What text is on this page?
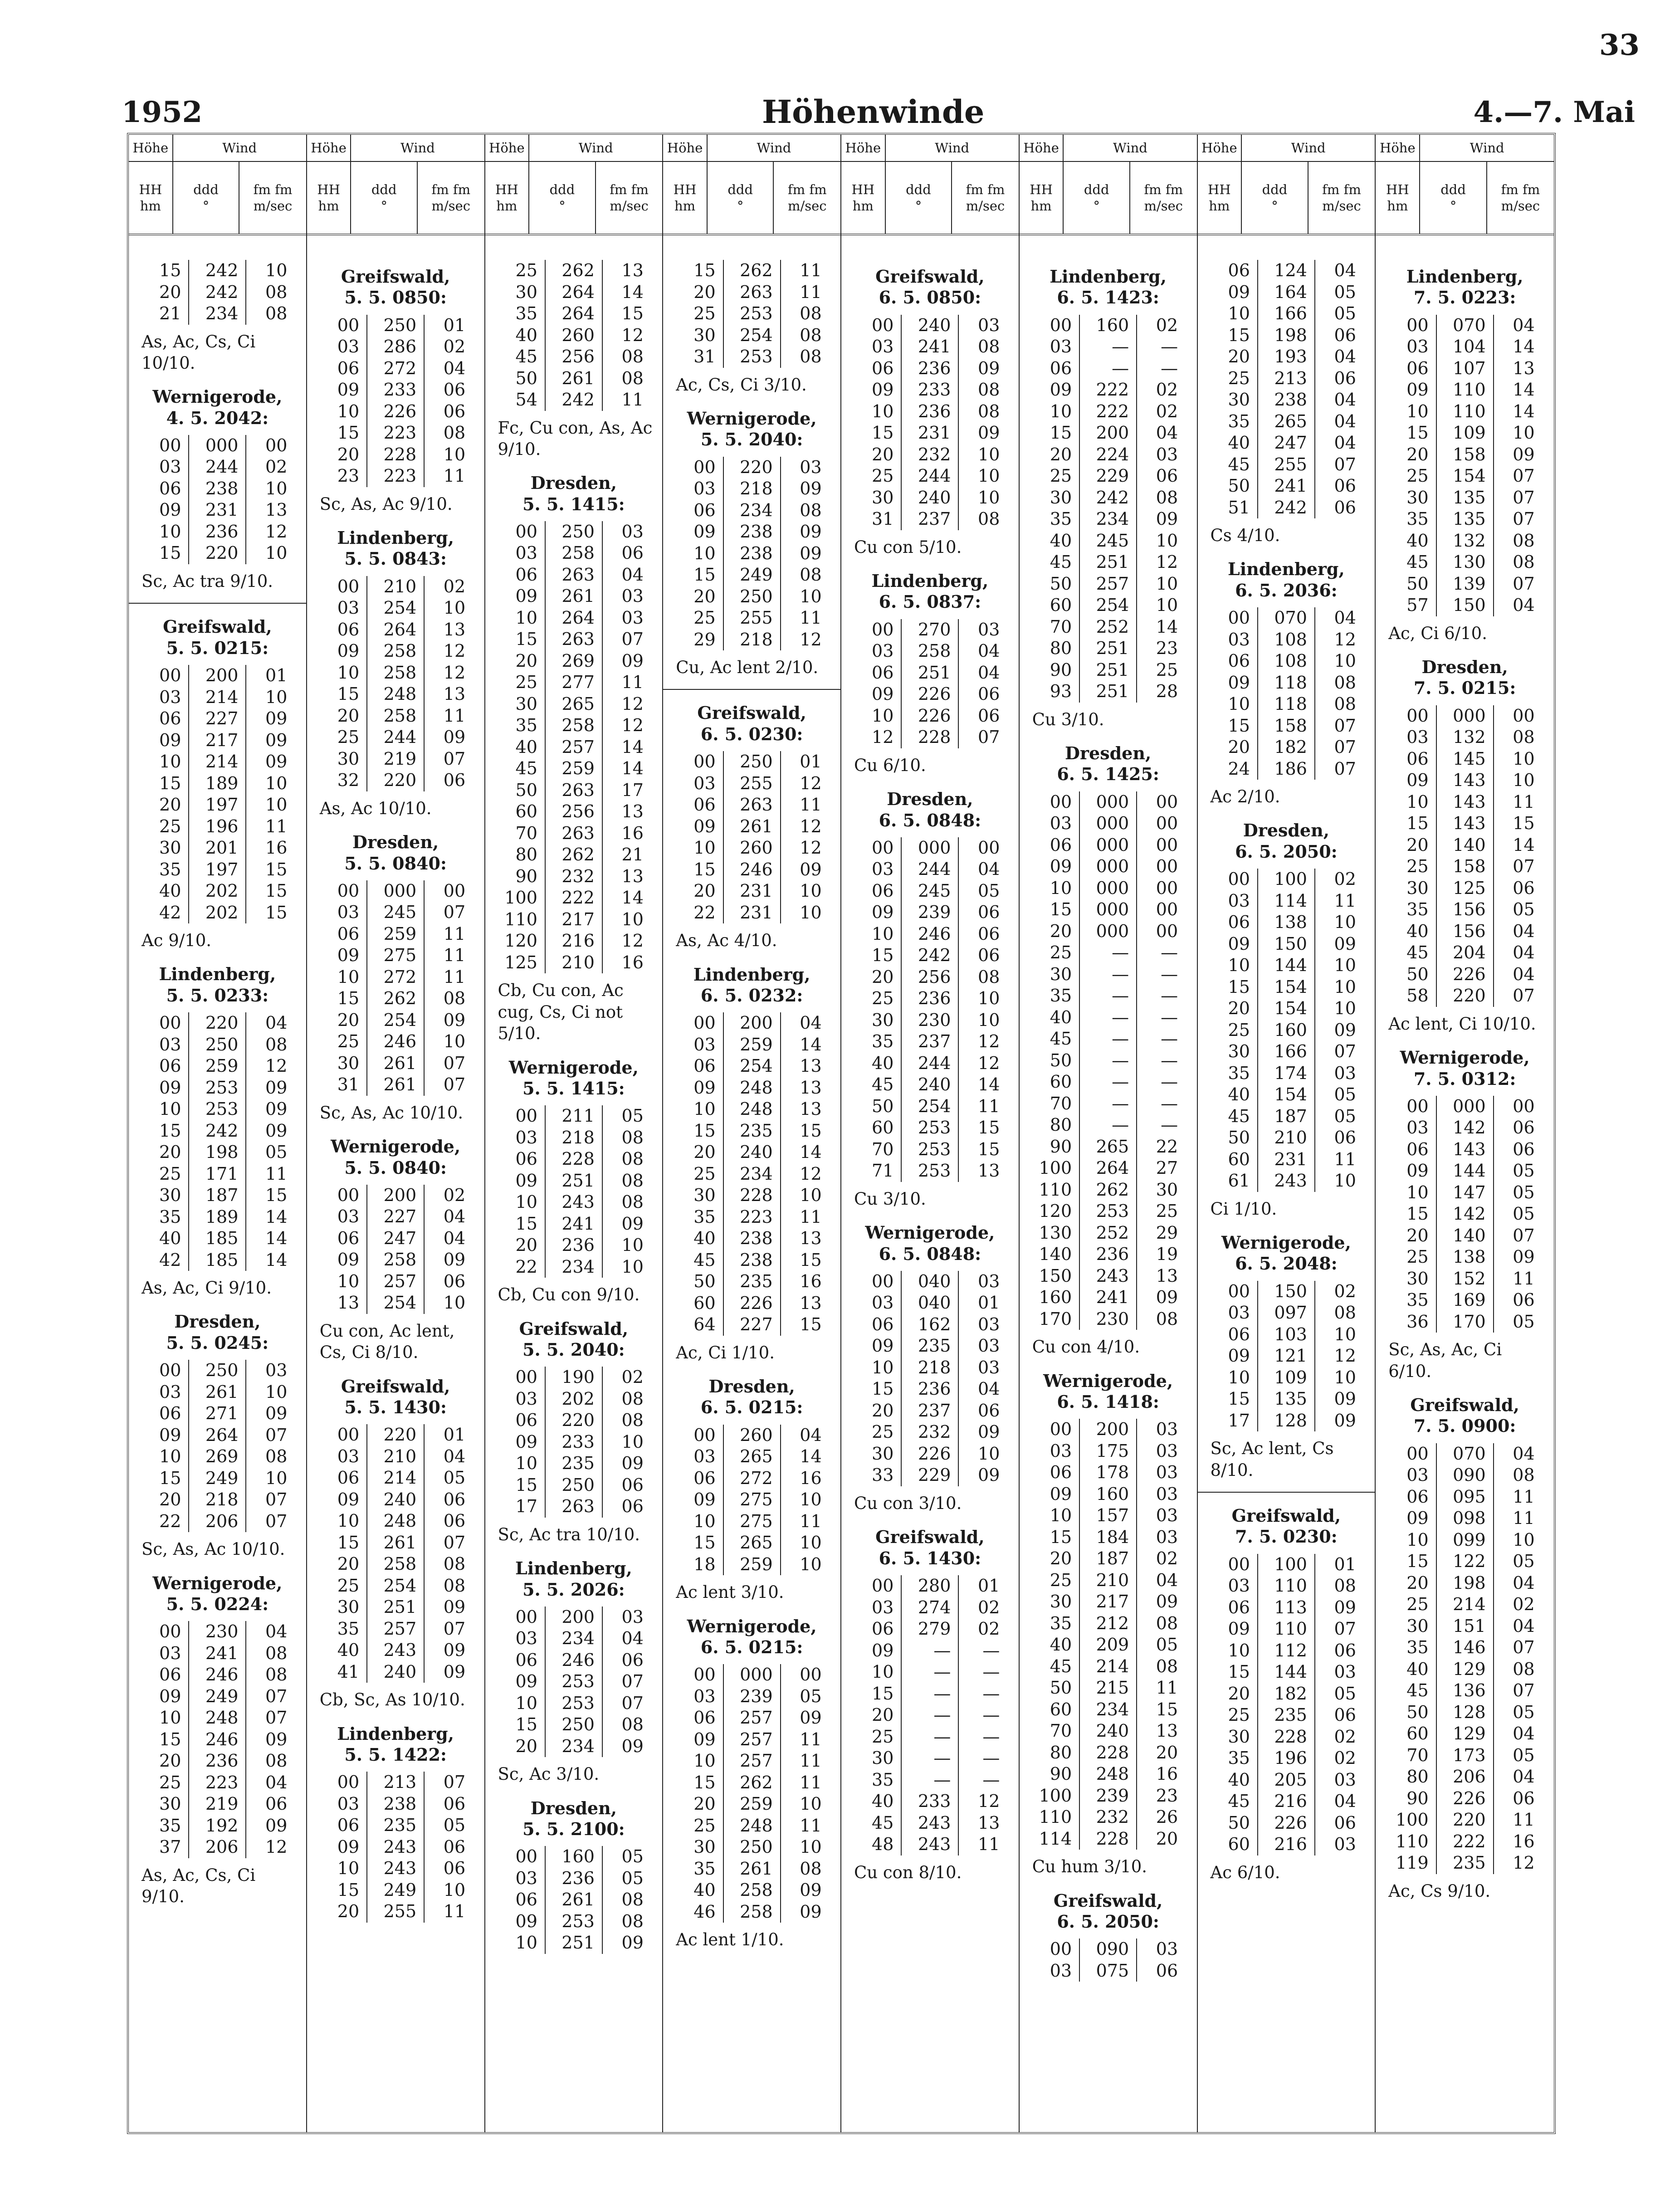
33
1952	Höhenwinde	4.—7. Mai
Höhe	Wind
HH
hm
ddd
°
fm fm
m/sec
15	242	10
20	242	08
21	234	08
As, Ac, Cs, Ci 10/10.
Wernigerode,
4. 5. 2042:
00	000	00
03	244	02
06	238	10
09	231	13
10	236	12
15	220	10
Sc, Ac tra 9/10.
Greifswald,
5. 5. 0215:
00	200	01
03	214	10
06	227	09
09	217	09
10	214	09
15	189	10
20	197	10
25	196	11
30	201	16
35	197	15
40	202	15
42	202	15
Ac 9/10.
Lindenberg,
5. 5. 0233:
00	220	04
03	250	08
06	259	12
09	253	09
10	253	09
15	242	09
20	198	05
25	171	11
30	187	15
35	189	14
40	185	14
42	185	14
As, Ac, Ci 9/10.
Dresden,
5. 5. 0245:
00	250	03
03	261	10
06	271	09
09	264	07
10	269	08
15	249	10
20	218	07
22	206	07
Sc, As, Ac 10/10.
Wernigerode,
5. 5. 0224:
00	230	04
03	241	08
06	246	08
09	249	07
10	248	07
15	246	09
20	236	08
25	223	04
30	219	06
35	192	09
37	206	12
As, Ac, Cs, Ci 9/10.
Höhe	Wind
HH
hm
ddd
°
fm fm
m/sec
Greifswald,
5. 5. 0850:
00	250	01
03	286	02
06	272	04
09	233	06
10	226	06
15	223	08
20	228	10
23	223	11
Sc, As, Ac 9/10.
Lindenberg,
5. 5. 0843:
00	210	02
03	254	10
06	264	13
09	258	12
10	258	12
15	248	13
20	258	11
25	244	09
30	219	07
32	220	06
As, Ac 10/10.
Dresden,
5. 5. 0840:
00	000	00
03	245	07
06	259	11
09	275	11
10	272	11
15	262	08
20	254	09
25	246	10
30	261	07
31	261	07
Sc, As, Ac 10/10.
Wernigerode,
5. 5. 0840:
00	200	02
03	227	04
06	247	04
09	258	09
10	257	06
13	254	10
Cu con, Ac lent, Cs, Ci 8/10.
Greifswald,
5. 5. 1430:
00	220	01
03	210	04
06	214	05
09	240	06
10	248	06
15	261	07
20	258	08
25	254	08
30	251	09
35	257	07
40	243	09
41	240	09
Cb, Sc, As 10/10.
Lindenberg,
5. 5. 1422:
00	213	07
03	238	06
06	235	05
09	243	06
10	243	06
15	249	10
20	255	11
Höhe	Wind
HH
hm
ddd
°
fm fm
m/sec
25	262	13
30	264	14
35	264	15
40	260	12
45	256	08
50	261	08
54	242	11
Fc, Cu con, As, Ac 9/10.
Dresden,
5. 5. 1415:
00	250	03
03	258	06
06	263	04
09	261	03
10	264	03
15	263	07
20	269	09
25	277	11
30	265	12
35	258	12
40	257	14
45	259	14
50	263	17
60	256	13
70	263	16
80	262	21
90	232	13
100	222	14
110	217	10
120	216	12
125	210	16
Cb, Cu con, Ac cug, Cs, Ci not 5/10.
Wernigerode,
5. 5. 1415:
00	211	05
03	218	08
06	228	08
09	251	08
10	243	08
15	241	09
20	236	10
22	234	10
Cb, Cu con 9/10.
Greifswald,
5. 5. 2040:
00	190	02
03	202	08
06	220	08
09	233	10
10	235	09
15	250	06
17	263	06
Sc, Ac tra 10/10.
Lindenberg,
5. 5. 2026:
00	200	03
03	234	04
06	246	06
09	253	07
10	253	07
15	250	08
20	234	09
Sc, Ac 3/10.
Dresden,
5. 5. 2100:
00	160	05
03	236	05
06	261	08
09	253	08
10	251	09
Höhe	Wind
HH
hm
ddd
°
fm fm
m/sec
15	262	11
20	263	11
25	253	08
30	254	08
31	253	08
Ac, Cs, Ci 3/10.
Wernigerode,
5. 5. 2040:
00	220	03
03	218	09
06	234	08
09	238	09
10	238	09
15	249	08
20	250	10
25	255	11
29	218	12
Cu, Ac lent 2/10.
Greifswald,
6. 5. 0230:
00	250	01
03	255	12
06	263	11
09	261	12
10	260	12
15	246	09
20	231	10
22	231	10
As, Ac 4/10.
Lindenberg,
6. 5. 0232:
00	200	04
03	259	14
06	254	13
09	248	13
10	248	13
15	235	15
20	240	14
25	234	12
30	228	10
35	223	11
40	238	13
45	238	15
50	235	16
60	226	13
64	227	15
Ac, Ci 1/10.
Dresden,
6. 5. 0215:
00	260	04
03	265	14
06	272	16
09	275	10
10	275	11
15	265	10
18	259	10
Ac lent 3/10.
Wernigerode,
6. 5. 0215:
00	000	00
03	239	05
06	257	09
09	257	11
10	257	11
15	262	11
20	259	10
25	248	11
30	250	10
35	261	08
40	258	09
46	258	09
Ac lent 1/10.
Höhe	Wind
HH
hm
ddd
°
fm fm
m/sec
Greifswald,
6. 5. 0850:
00	240	03
03	241	08
06	236	09
09	233	08
10	236	08
15	231	09
20	232	10
25	244	10
30	240	10
31	237	08
Cu con 5/10.
Lindenberg,
6. 5. 0837:
00	270	03
03	258	04
06	251	04
09	226	06
10	226	06
12	228	07
Cu 6/10.
Dresden,
6. 5. 0848:
00	000	00
03	244	04
06	245	05
09	239	06
10	246	06
15	242	06
20	256	08
25	236	10
30	230	10
35	237	12
40	244	12
45	240	14
50	254	11
60	253	15
70	253	15
71	253	13
Cu 3/10.
Wernigerode,
6. 5. 0848:
00	040	03
03	040	01
06	162	03
09	235	03
10	218	03
15	236	04
20	237	06
25	232	09
30	226	10
33	229	09
Cu con 3/10.
Greifswald,
6. 5. 1430:
00	280	01
03	274	02
06	279	02
09	—	—
10	—	—
15	—	—
20	—	—
25	—	—
30	—	—
35	—	—
40	233	12
45	243	13
48	243	11
Cu con 8/10.
Höhe	Wind
HH
hm
ddd
°
fm fm
m/sec
Lindenberg,
6. 5. 1423:
00	160	02
03	—	—
06	—	—
09	222	02
10	222	02
15	200	04
20	224	03
25	229	06
30	242	08
35	234	09
40	245	10
45	251	12
50	257	10
60	254	10
70	252	14
80	251	23
90	251	25
93	251	28
Cu 3/10.
Dresden,
6. 5. 1425:
00	000	00
03	000	00
06	000	00
09	000	00
10	000	00
15	000	00
20	000	00
25	—	—
30	—	—
35	—	—
40	—	—
45	—	—
50	—	—
60	—	—
70	—	—
80	—	—
90	265	22
100	264	27
110	262	30
120	253	25
130	252	29
140	236	19
150	243	13
160	241	09
170	230	08
Cu con 4/10.
Wernigerode,
6. 5. 1418:
00	200	03
03	175	03
06	178	03
09	160	03
10	157	03
15	184	03
20	187	02
25	210	04
30	217	09
35	212	08
40	209	05
45	214	08
50	215	11
60	234	15
70	240	13
80	228	20
90	248	16
100	239	23
110	232	26
114	228	20
Cu hum 3/10.
Greifswald,
6. 5. 2050:
00	090	03
03	075	06
Höhe	Wind
HH
hm
ddd
°
fm fm
m/sec
06	124	04
09	164	05
10	166	05
15	198	06
20	193	04
25	213	06
30	238	04
35	265	04
40	247	04
45	255	07
50	241	06
51	242	06
Cs 4/10.
Lindenberg,
6. 5. 2036:
00	070	04
03	108	12
06	108	10
09	118	08
10	118	08
15	158	07
20	182	07
24	186	07
Ac 2/10.
Dresden,
6. 5. 2050:
00	100	02
03	114	11
06	138	10
09	150	09
10	144	10
15	154	10
20	154	10
25	160	09
30	166	07
35	174	03
40	154	05
45	187	05
50	210	06
60	231	11
61	243	10
Ci 1/10.
Wernigerode,
6. 5. 2048:
00	150	02
03	097	08
06	103	10
09	121	12
10	109	10
15	135	09
17	128	09
Sc, Ac lent, Cs 8/10.
Greifswald,
7. 5. 0230:
00	100	01
03	110	08
06	113	09
09	110	07
10	112	06
15	144	03
20	182	05
25	235	06
30	228	02
35	196	02
40	205	03
45	216	04
50	226	06
60	216	03
Ac 6/10.
Höhe	Wind
HH
hm
ddd
°
fm fm
m/sec
Lindenberg,
7. 5. 0223:
00	070	04
03	104	14
06	107	13
09	110	14
10	110	14
15	109	10
20	158	09
25	154	07
30	135	07
35	135	07
40	132	08
45	130	08
50	139	07
57	150	04
Ac, Ci 6/10.
Dresden,
7. 5. 0215:
00	000	00
03	132	08
06	145	10
09	143	10
10	143	11
15	143	15
20	140	14
25	158	07
30	125	06
35	156	05
40	156	04
45	204	04
50	226	04
58	220	07
Ac lent, Ci 10/10.
Wernigerode,
7. 5. 0312:
00	000	00
03	142	06
06	143	06
09	144	05
10	147	05
15	142	05
20	140	07
25	138	09
30	152	11
35	169	06
36	170	05
Sc, As, Ac, Ci 6/10.
Greifswald,
7. 5. 0900:
00	070	04
03	090	08
06	095	11
09	098	11
10	099	10
15	122	05
20	198	04
25	214	02
30	151	04
35	146	07
40	129	08
45	136	07
50	128	05
60	129	04
70	173	05
80	206	04
90	226	06
100	220	11
110	222	16
119	235	12
Ac, Cs 9/10.
